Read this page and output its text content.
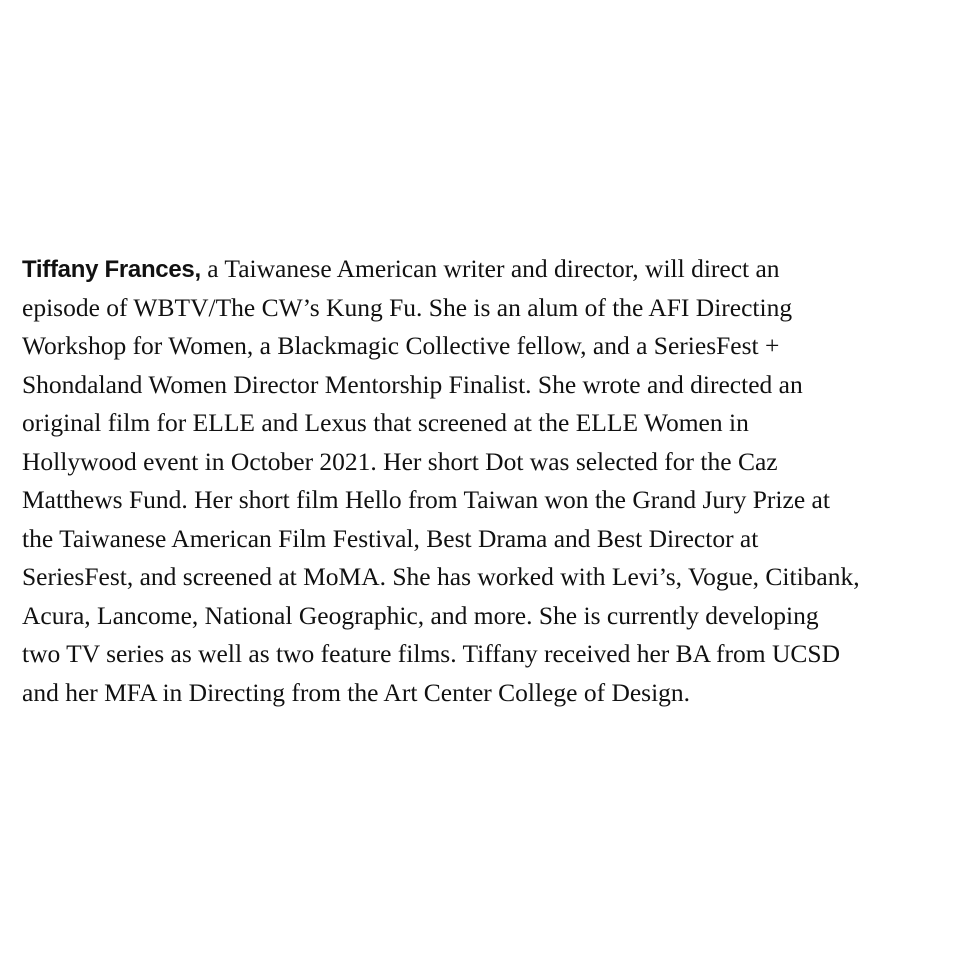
Tiffany Frances, a Taiwanese American writer and director, will direct an
episode of WBTV/The CW’s Kung Fu. She is an alum of the AFI Directing
Workshop for Women, a Blackmagic Collective fellow, and a SeriesFest +
Shondaland Women Director Mentorship Finalist. She wrote and directed an
original film for ELLE and Lexus that screened at the ELLE Women in
Hollywood event in October 2021. Her short Dot was selected for the Caz
Matthews Fund. Her short film Hello from Taiwan won the Grand Jury Prize at
the Taiwanese American Film Festival, Best Drama and Best Director at
SeriesFest, and screened at MoMA. She has worked with Levi’s, Vogue, Citibank,
Acura, Lancome, National Geographic, and more. She is currently developing
two TV series as well as two feature films. Tiffany received her BA from UCSD
and her MFA in Directing from the Art Center College of Design.
